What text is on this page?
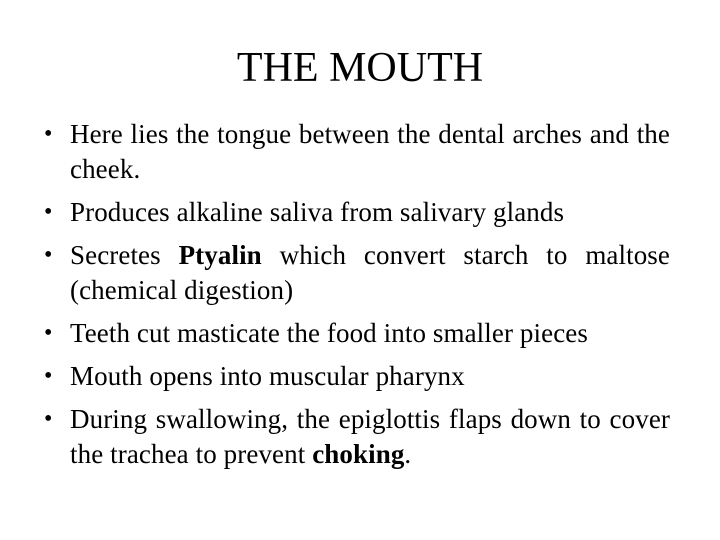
THE MOUTH
• Here lies the tongue between the dental arches and the cheek.
• Produces alkaline saliva from salivary glands
• Secretes Ptyalin which convert starch to maltose (chemical digestion)
• Teeth cut masticate the food into smaller pieces
• Mouth opens into muscular pharynx
• During swallowing, the epiglottis flaps down to cover the trachea to prevent choking.
